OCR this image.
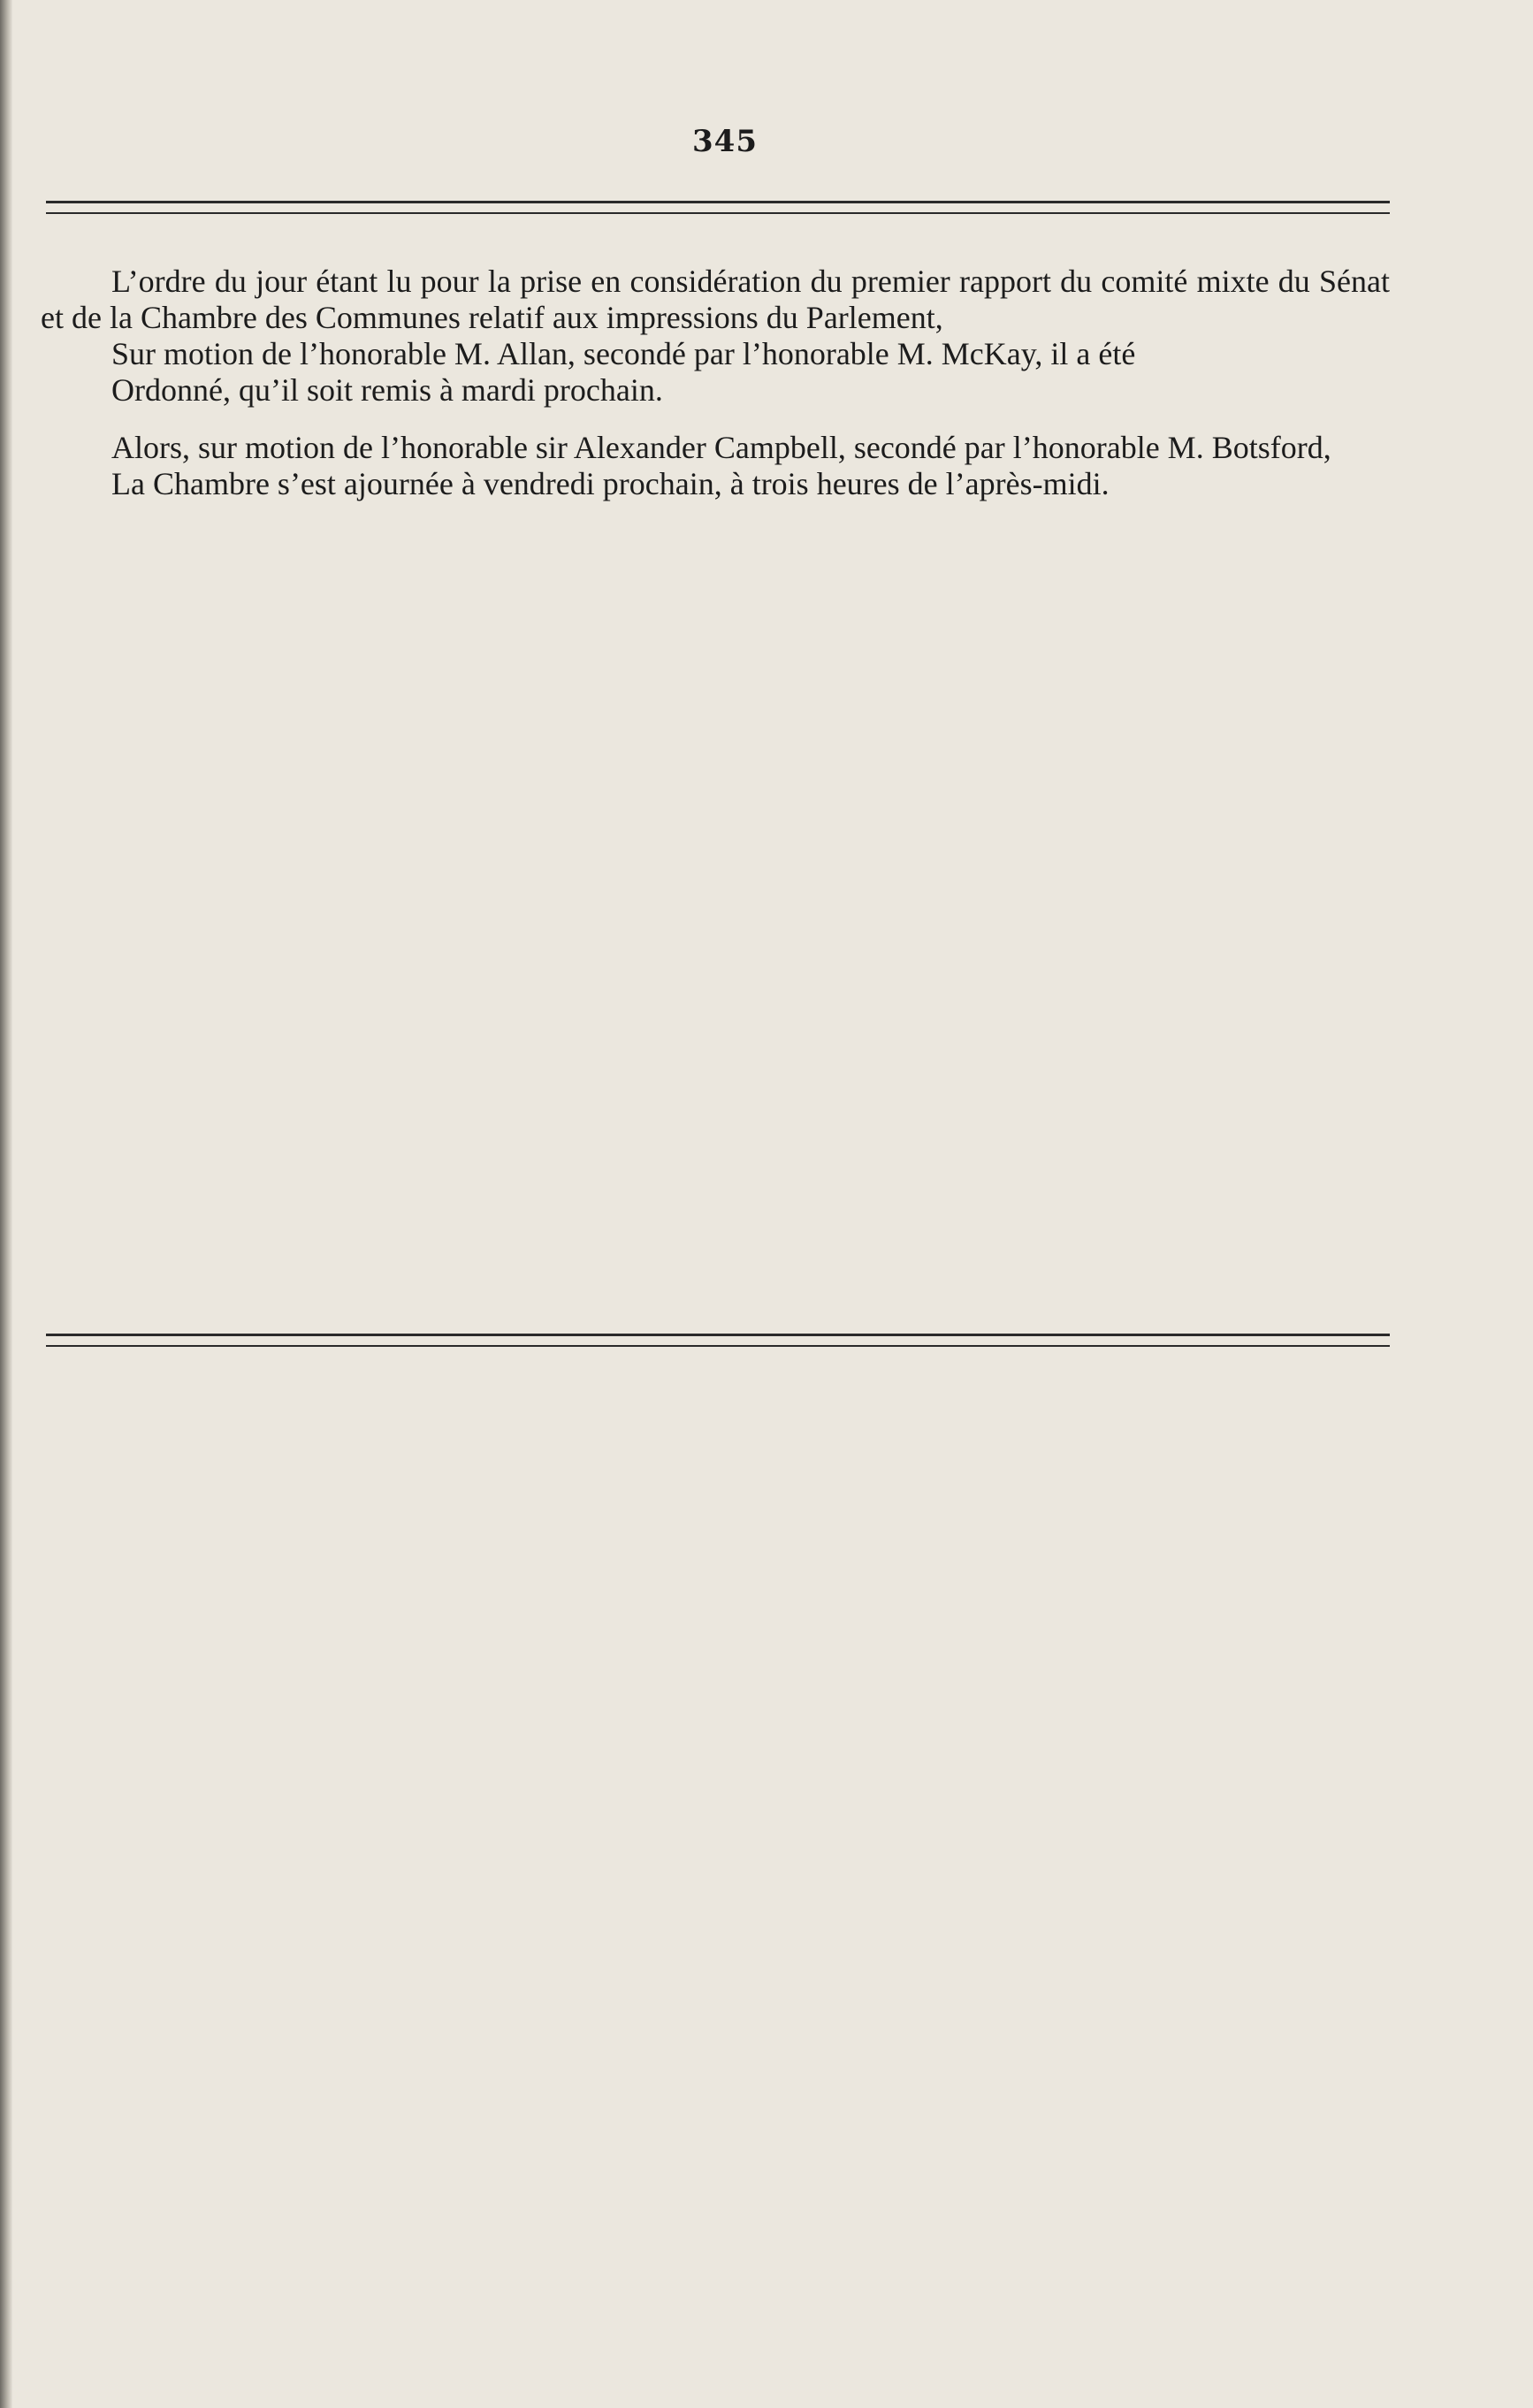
345

L’ordre du jour étant lu pour la prise en considération du premier rapport du comité mixte du Sénat et de la Chambre des Communes relatif aux impressions du Parlement,

Sur motion de l’honorable M. Allan, secondé par l’honorable M. McKay, il a été

Ordonné, qu’il soit remis à mardi prochain.

Alors, sur motion de l’honorable sir Alexander Campbell, secondé par l’honorable M. Botsford,

La Chambre s’est ajournée à vendredi prochain, à trois heures de l’après-midi.
